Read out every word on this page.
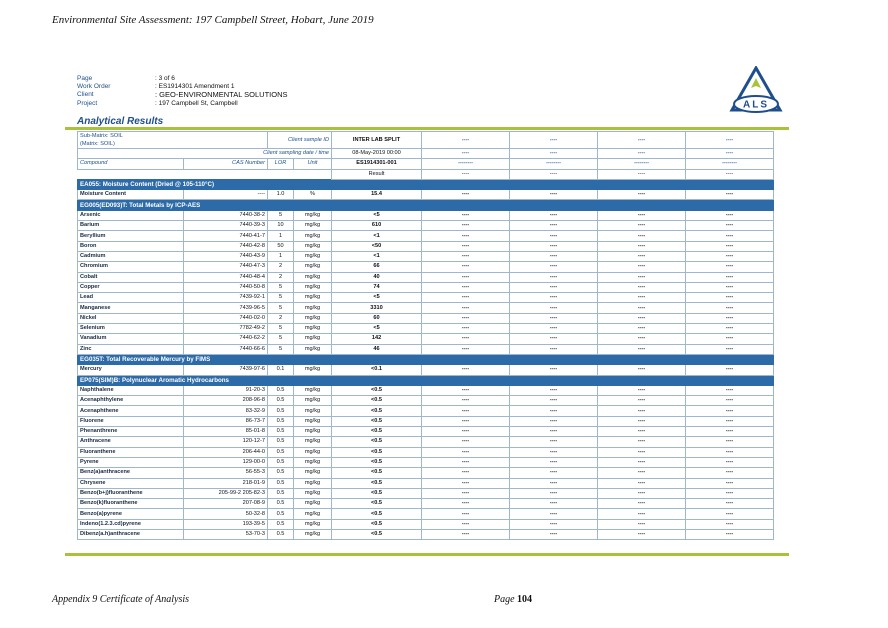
Environmental Site Assessment: 197 Campbell Street, Hobart, June 2019
Page	: 3 of 6
Work Order	: ES1914301 Amendment 1
Client	: GEO-ENVIRONMENTAL SOLUTIONS
Project	: 197 Campbell St, Campbell	ALS
Analytical Results
Sub-Matrix: SOIL
(Matrix: SOIL)		Client sample ID		INTER LAB SPLIT	----	----	----	----
Client sampling date / time				08-May-2019 00:00	----	----	----	----
Compound	CAS Number	LOR	Unit	ES1914301-001	--------	--------	--------	--------
				Result	----	----	----	----
EA055: Moisture Content (Dried @ 105-110°C)								
Moisture Content	----	1.0	%	15.4	----	----	----	----
EG005(ED093)T: Total Metals by ICP-AES								
Arsenic	7440-38-2	5	mg/kg	<5	----	----	----	----
Barium	7440-39-3	10	mg/kg	610	----	----	----	----
Beryllium	7440-41-7	1	mg/kg	<1	----	----	----	----
Boron	7440-42-8	50	mg/kg	<50	----	----	----	----
Cadmium	7440-43-9	1	mg/kg	<1	----	----	----	----
Chromium	7440-47-3	2	mg/kg	66	----	----	----	----
Cobalt	7440-48-4	2	mg/kg	40	----	----	----	----
Copper	7440-50-8	5	mg/kg	74	----	----	----	----
Lead	7439-92-1	5	mg/kg	<5	----	----	----	----
Manganese	7439-96-5	5	mg/kg	3310	----	----	----	----
Nickel	7440-02-0	2	mg/kg	60	----	----	----	----
Selenium	7782-49-2	5	mg/kg	<5	----	----	----	----
Vanadium	7440-62-2	5	mg/kg	142	----	----	----	----
Zinc	7440-66-6	5	mg/kg	46	----	----	----	----
EG035T: Total Recoverable Mercury by FIMS								
Mercury	7439-97-6	0.1	mg/kg	<0.1	----	----	----	----
EP075(SIM)B: Polynuclear Aromatic Hydrocarbons								
Naphthalene	91-20-3	0.5	mg/kg	<0.5	----	----	----	----
Acenaphthylene	208-96-8	0.5	mg/kg	<0.5	----	----	----	----
Acenaphthene	83-32-9	0.5	mg/kg	<0.5	----	----	----	----
Fluorene	86-73-7	0.5	mg/kg	<0.5	----	----	----	----
Phenanthrene	85-01-8	0.5	mg/kg	<0.5	----	----	----	----
Anthracene	120-12-7	0.5	mg/kg	<0.5	----	----	----	----
Fluoranthene	206-44-0	0.5	mg/kg	<0.5	----	----	----	----
Pyrene	129-00-0	0.5	mg/kg	<0.5	----	----	----	----
Benz(a)anthracene	56-55-3	0.5	mg/kg	<0.5	----	----	----	----
Chrysene	218-01-9	0.5	mg/kg	<0.5	----	----	----	----
Benzo(b+j)fluoranthene	205-99-2 205-82-3	0.5	mg/kg	<0.5	----	----	----	----
Benzo(k)fluoranthene	207-08-9	0.5	mg/kg	<0.5	----	----	----	----
Benzo(a)pyrene	50-32-8	0.5	mg/kg	<0.5	----	----	----	----
Indeno(1.2.3.cd)pyrene	193-39-5	0.5	mg/kg	<0.5	----	----	----	----
Dibenz(a.h)anthracene	53-70-3	0.5	mg/kg	<0.5	----	----	----	----
Appendix 9 Certificate of Analysis	Page 104
